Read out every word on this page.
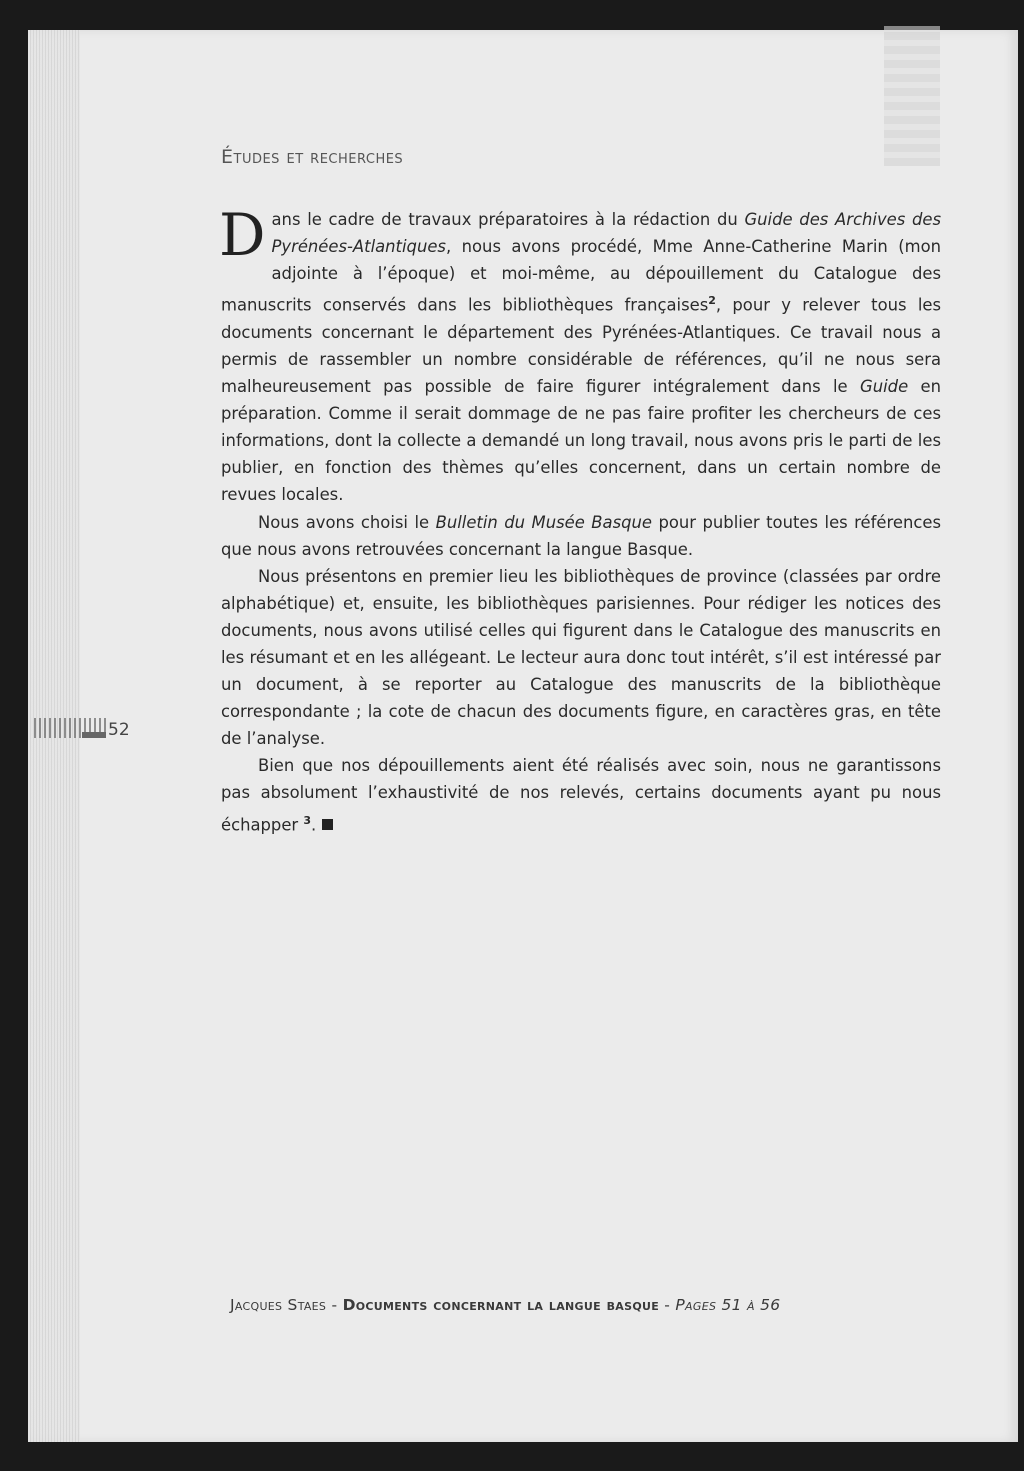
Études et recherches

Dans le cadre de travaux préparatoires à la rédaction du Guide des Archives des Pyrénées-Atlantiques, nous avons procédé, Mme Anne-Catherine Marin (mon adjointe à l’époque) et moi-même, au dépouillement du Catalogue des manuscrits conservés dans les bibliothèques françaises$^2$, pour y relever tous les documents concernant le département des Pyrénées-Atlantiques. Ce travail nous a permis de rassembler un nombre considérable de références, qu’il ne nous sera malheureusement pas possible de faire figurer intégralement dans le Guide en préparation. Comme il serait dommage de ne pas faire profiter les chercheurs de ces informations, dont la collecte a demandé un long travail, nous avons pris le parti de les publier, en fonction des thèmes qu’elles concernent, dans un certain nombre de revues locales.

Nous avons choisi le Bulletin du Musée Basque pour publier toutes les références que nous avons retrouvées concernant la langue Basque.

Nous présentons en premier lieu les bibliothèques de province (classées par ordre alphabétique) et, ensuite, les bibliothèques parisiennes. Pour rédiger les notices des documents, nous avons utilisé celles qui figurent dans le Catalogue des manuscrits en les résumant et en les allégeant. Le lecteur aura donc tout intérêt, s’il est intéressé par un document, à se reporter au Catalogue des manuscrits de la bibliothèque correspondante ; la cote de chacun des documents figure, en caractères gras, en tête de l’analyse.

Bien que nos dépouillements aient été réalisés avec soin, nous ne garantissons pas absolument l’exhaustivité de nos relevés, certains documents ayant pu nous échapper $^3$.

52
Jacques Staes - Documents concernant la langue basque - Pages 51 à 56
